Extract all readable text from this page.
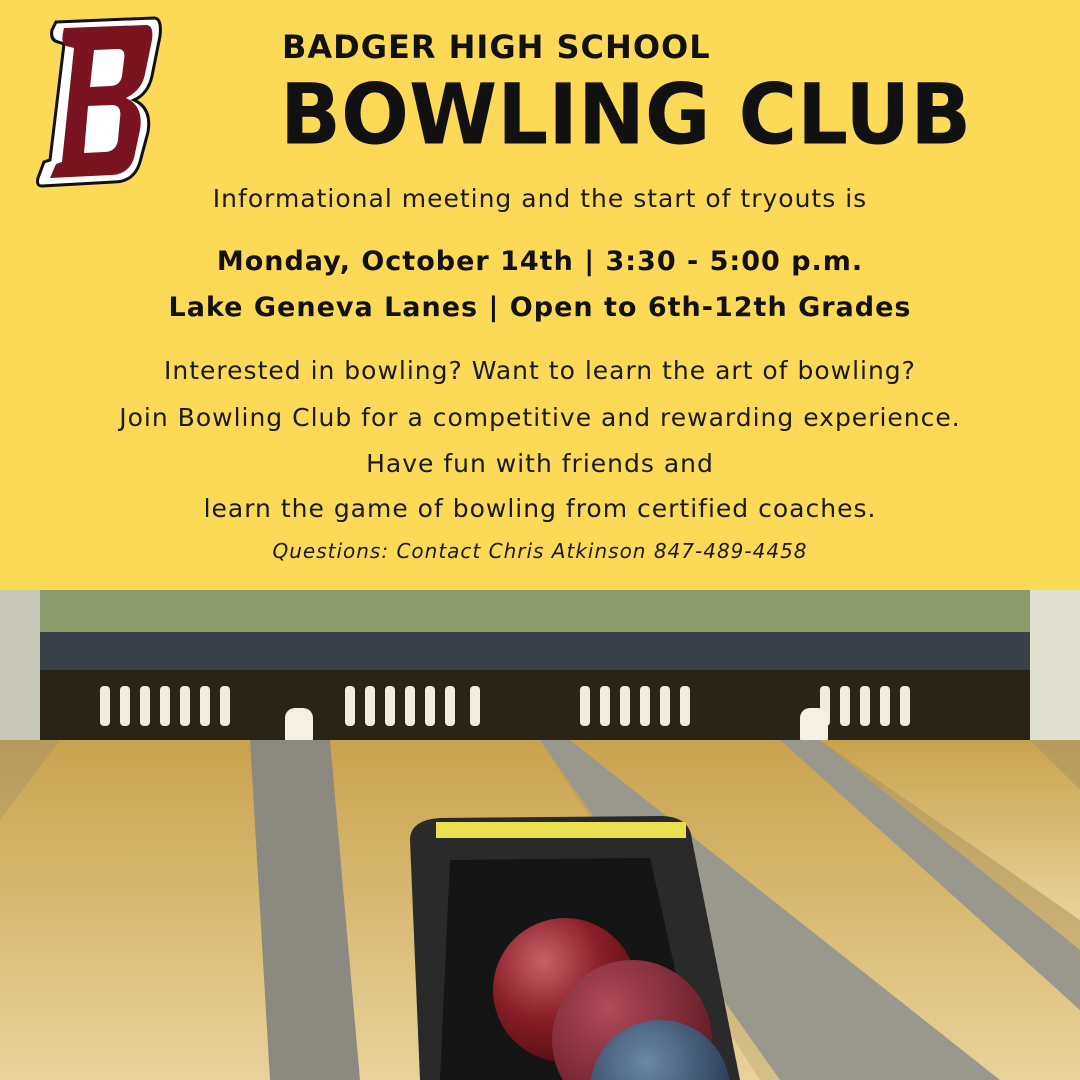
BADGER HIGH SCHOOL
BOWLING CLUB
Informational meeting and the start of tryouts is
Monday, October 14th | 3:30 - 5:00 p.m.
Lake Geneva Lanes | Open to 6th-12th Grades
Interested in bowling? Want to learn the art of bowling?
Join Bowling Club for a competitive and rewarding experience.
Have fun with friends and
learn the game of bowling from certified coaches.
Questions: Contact Chris Atkinson 847-489-4458
